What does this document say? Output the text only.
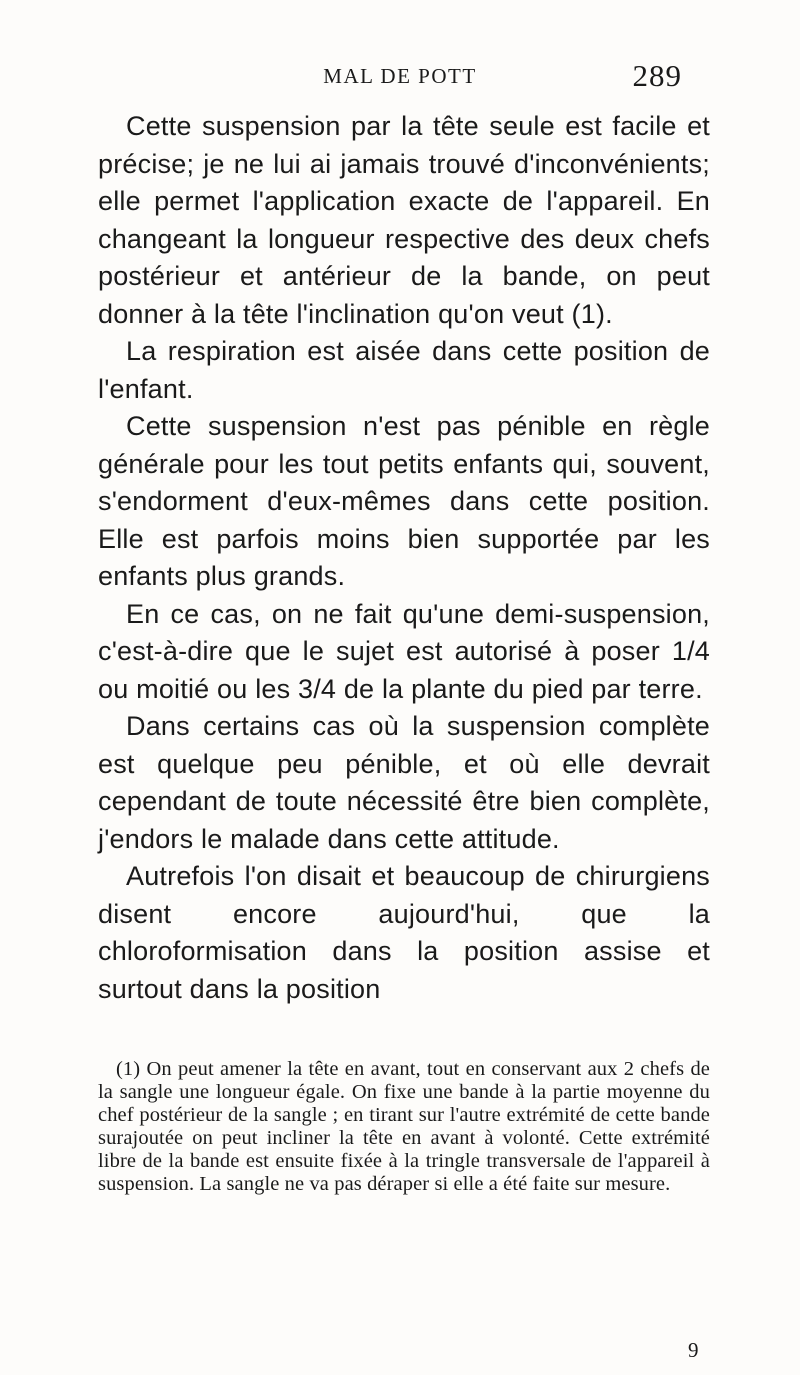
MAL DE POTT	289

Cette suspension par la tête seule est facile et précise; je ne lui ai jamais trouvé d'inconvénients; elle permet l'application exacte de l'appareil. En changeant la longueur respective des deux chefs postérieur et antérieur de la bande, on peut donner à la tête l'inclination qu'on veut (1).

La respiration est aisée dans cette position de l'enfant.

Cette suspension n'est pas pénible en règle générale pour les tout petits enfants qui, souvent, s'endorment d'eux-mêmes dans cette position. Elle est parfois moins bien supportée par les enfants plus grands.

En ce cas, on ne fait qu'une demi-suspension, c'est-à-dire que le sujet est autorisé à poser 1/4 ou moitié ou les 3/4 de la plante du pied par terre.

Dans certains cas où la suspension complète est quelque peu pénible, et où elle devrait cependant de toute nécessité être bien complète, j'endors le malade dans cette attitude.

Autrefois l'on disait et beaucoup de chirurgiens disent encore aujourd'hui, que la chloroformisation dans la position assise et surtout dans la position

(1) On peut amener la tête en avant, tout en conservant aux 2 chefs de la sangle une longueur égale. On fixe une bande à la partie moyenne du chef postérieur de la sangle ; en tirant sur l'autre extrémité de cette bande surajoutée on peut incliner la tête en avant à volonté. Cette extrémité libre de la bande est ensuite fixée à la tringle transversale de l'appareil à suspension. La sangle ne va pas déraper si elle a été faite sur mesure.

9
